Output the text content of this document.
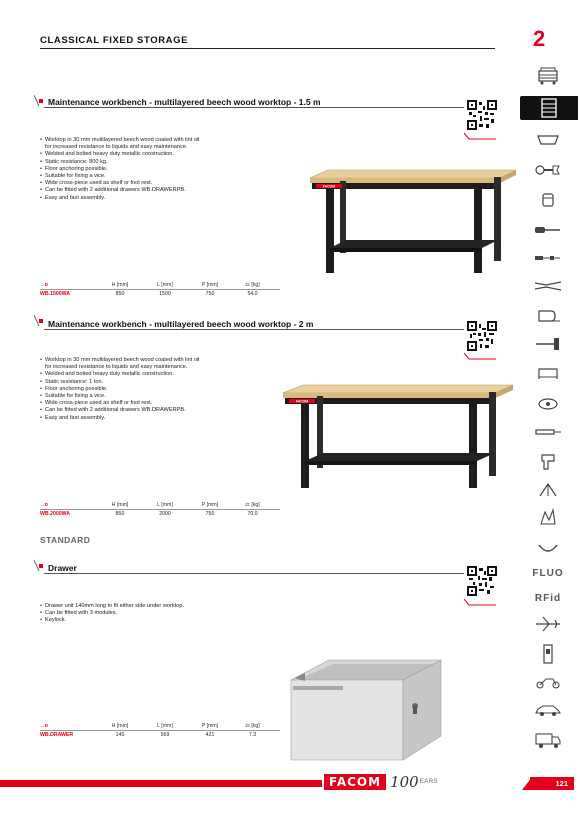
CLASSICAL FIXED STORAGE	2
FLUO
RFid
Maintenance workbench - multilayered beech wood worktop - 1.5 m
• Worktop in 30 mm multilayered beech wood coated with lint oil
for increased resistance to liquids and easy maintenance.
• Welded and bolted heavy duty metallic construction.
• Static resistance: 800 kg.
• Floor anchoring possible.
• Suitable for fixing a vice.
• Wide cross-piece used as shelf or foot rest.
• Can be fitted with 2 additional drawers WB.DRAWERPB.
• Easy and fast assembly.
FACOM
→D	H [mm]	L [mm]	P [mm]	⚖ [kg]
WB.1500WA	850	1500	750	54.0
Maintenance workbench - multilayered beech wood worktop - 2 m
• Worktop in 30 mm multilayered beech wood coated with lint oil
for increased resistance to liquids and easy maintenance.
• Welded and bolted heavy duty metallic construction.
• Static resistance: 1 ton.
• Floor anchoring possible.
• Suitable for fixing a vice.
• Wide cross-piece used as shelf or foot rest.
• Can be fitted with 2 additional drawers WB.DRAWERPB.
• Easy and fast assembly.
FACOM
→D	H [mm]	L [mm]	P [mm]	⚖ [kg]
WB.2000WA	850	2000	750	70.0
STANDARD
Drawer
• Drawer unit 140mm long to fit either side under worktop.
• Can be fitted with 3 modules.
• Keylock.
→D	H [mm]	L [mm]	P [mm]	⚖ [kg]
WB.DRAWER	140	569	421	7.3
FACOM 100 EARS	121
